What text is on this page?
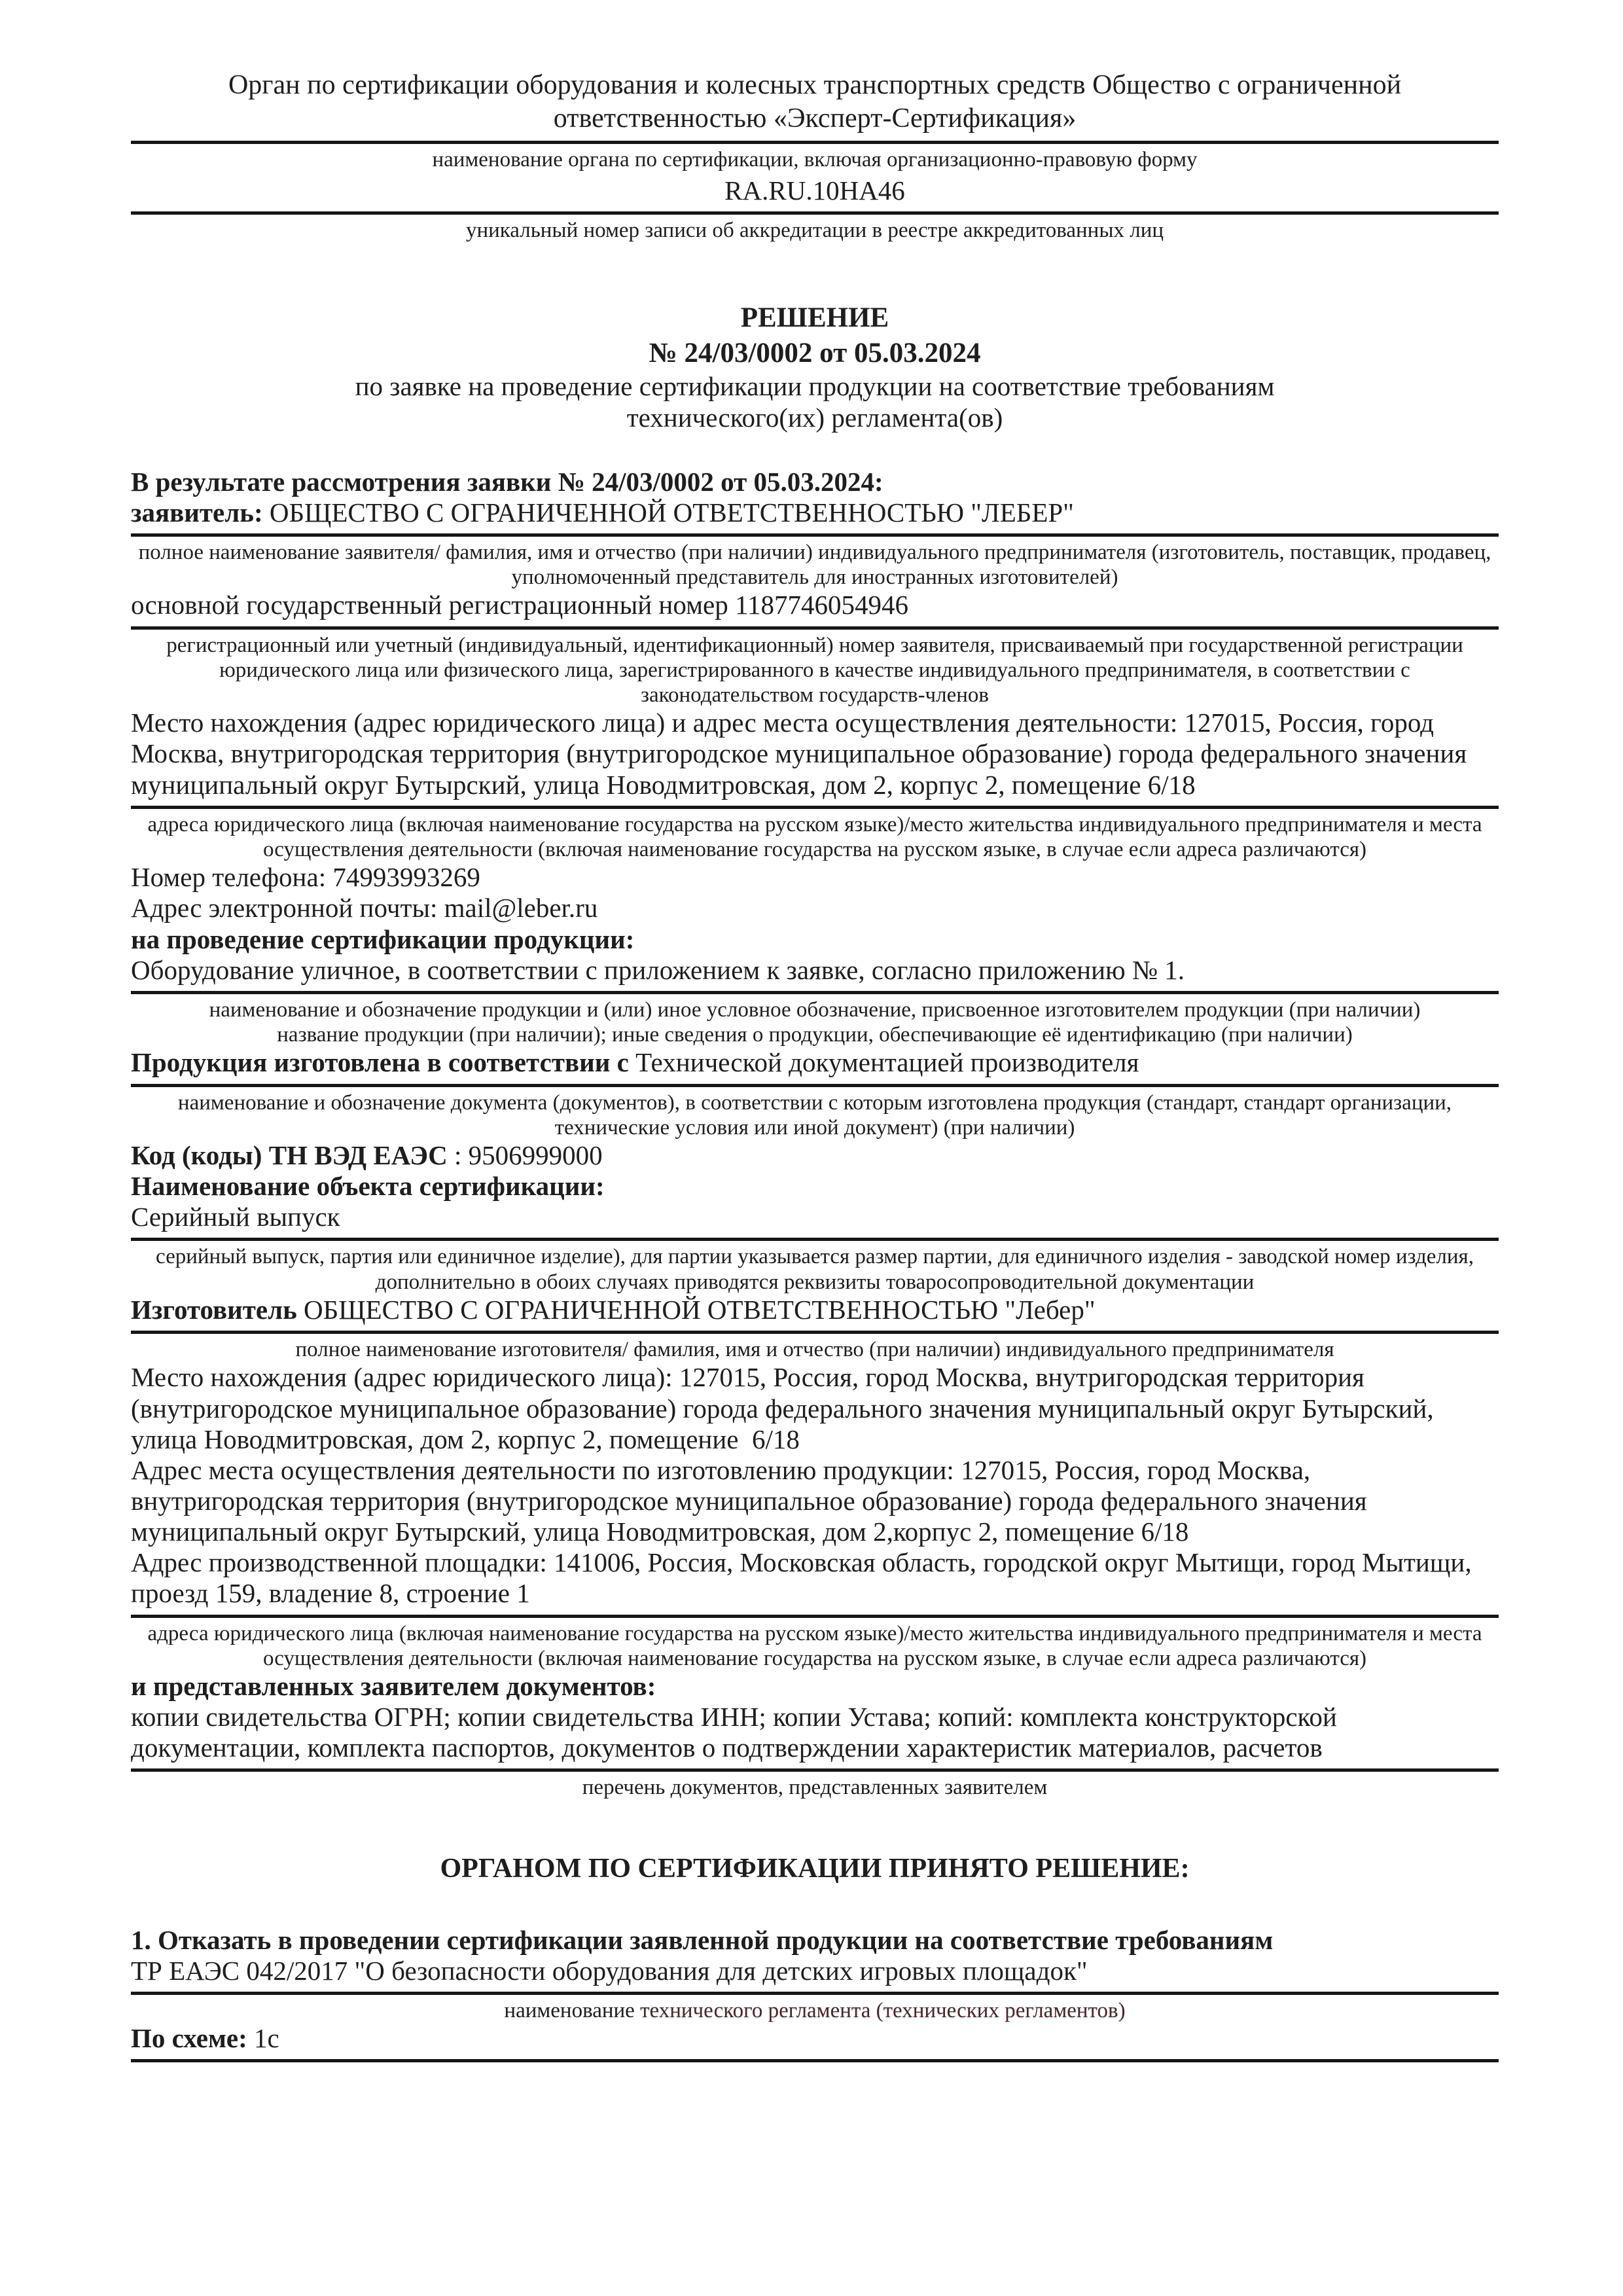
Орган по сертификации оборудования и колесных транспортных средств Общество с ограниченной ответственностью «Эксперт-Сертификация»
наименование органа по сертификации, включая организационно-правовую форму
RA.RU.10HA46
уникальный номер записи об аккредитации в реестре аккредитованных лиц
РЕШЕНИЕ
№ 24/03/0002 от 05.03.2024
по заявке на проведение сертификации продукции на соответствие требованиям
технического(их) регламента(ов)

В результате рассмотрения заявки № 24/03/0002 от 05.03.2024:

заявитель: ОБЩЕСТВО С ОГРАНИЧЕННОЙ ОТВЕТСТВЕННОСТЬЮ "ЛЕБЕР"

полное наименование заявителя/ фамилия, имя и отчество (при наличии) индивидуального предпринимателя (изготовитель, поставщик, продавец, уполномоченный представитель для иностранных изготовителей)

основной государственный регистрационный номер 1187746054946

регистрационный или учетный (индивидуальный, идентификационный) номер заявителя, присваиваемый при государственной регистрации юридического лица или физического лица, зарегистрированного в качестве индивидуального предпринимателя, в соответствии с законодательством государств-членов

Место нахождения (адрес юридического лица) и адрес места осуществления деятельности: 127015, Россия, город Москва, внутригородская территория (внутригородское муниципальное образование) города федерального значения муниципальный округ Бутырский, улица Новодмитровская, дом 2, корпус 2, помещение 6/18

адреса юридического лица (включая наименование государства на русском языке)/место жительства индивидуального предпринимателя и места осуществления деятельности (включая наименование государства на русском языке, в случае если адреса различаются)

Номер телефона: 74993993269

Адрес электронной почты: mail@leber.ru

на проведение сертификации продукции:

Оборудование уличное, в соответствии с приложением к заявке, согласно приложению № 1.

наименование и обозначение продукции и (или) иное условное обозначение, присвоенное изготовителем продукции (при наличии)
название продукции (при наличии); иные сведения о продукции, обеспечивающие её идентификацию (при наличии)

Продукция изготовлена в соответствии с Технической документацией производителя

наименование и обозначение документа (документов), в соответствии с которым изготовлена продукция (стандарт, стандарт организации, технические условия или иной документ) (при наличии)

Код (коды) ТН ВЭД ЕАЭС : 9506999000

Наименование объекта сертификации:

Серийный выпуск

серийный выпуск, партия или единичное изделие), для партии указывается размер партии, для единичного изделия - заводской номер изделия, дополнительно в обоих случаях приводятся реквизиты товаросопроводительной документации

Изготовитель ОБЩЕСТВО С ОГРАНИЧЕННОЙ ОТВЕТСТВЕННОСТЬЮ "Лебер"

полное наименование изготовителя/ фамилия, имя и отчество (при наличии) индивидуального предпринимателя

Место нахождения (адрес юридического лица): 127015, Россия, город Москва, внутригородская территория (внутригородское муниципальное образование) города федерального значения муниципальный округ Бутырский, улица Новодмитровская, дом 2, корпус 2, помещение  6/18

Адрес места осуществления деятельности по изготовлению продукции: 127015, Россия, город Москва, внутригородская территория (внутригородское муниципальное образование) города федерального значения муниципальный округ Бутырский, улица Новодмитровская, дом 2,корпус 2, помещение 6/18

Адрес производственной площадки: 141006, Россия, Московская область, городской округ Мытищи, город Мытищи, проезд 159, владение 8, строение 1

адреса юридического лица (включая наименование государства на русском языке)/место жительства индивидуального предпринимателя и места осуществления деятельности (включая наименование государства на русском языке, в случае если адреса различаются)

и представленных заявителем документов:

копии свидетельства ОГРН; копии свидетельства ИНН; копии Устава; копий: комплекта конструкторской документации, комплекта паспортов, документов о подтверждении характеристик материалов, расчетов

перечень документов, представленных заявителем
ОРГАНОМ ПО СЕРТИФИКАЦИИ ПРИНЯТО РЕШЕНИЕ:

1. Отказать в проведении сертификации заявленной продукции на соответствие требованиям

ТР ЕАЭС 042/2017 "О безопасности оборудования для детских игровых площадок"

наименование технического регламента (технических регламентов)

По схеме: 1с
